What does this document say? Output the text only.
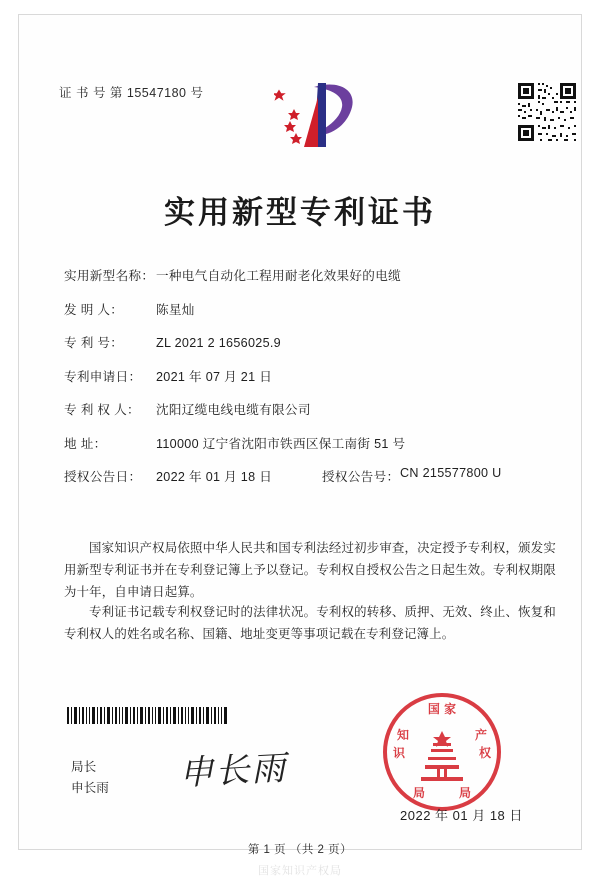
证 书 号 第 15547180 号
实用新型专利证书
实用新型名称： 一种电气自动化工程用耐老化效果好的电缆
发 明 人：	陈星灿
专 利 号：	ZL 2021 2 1656025.9
专利申请日：	2021 年 07 月 21 日
专 利 权 人：	沈阳辽缆电线电缆有限公司
地 址：	110000 辽宁省沈阳市铁西区保工南街 51 号
授权公告日：	2022 年 01 月 18 日	授权公告号： CN 215577800 U
国家知识产权局依照中华人民共和国专利法经过初步审查，决定授予专利权，颁发实用新型专利证书并在专利登记簿上予以登记。专利权自授权公告之日起生效。专利权期限为十年，自申请日起算。
专利证书记载专利权登记时的法律状况。专利权的转移、质押、无效、终止、恢复和专利权人的姓名或名称、国籍、地址变更等事项记载在专利登记簿上。
局长
申长雨 申长雨
国 家
识
知	产
权
局	局
2022 年 01 月 18 日
第 1 页 （共 2 页）
国家知识产权局
